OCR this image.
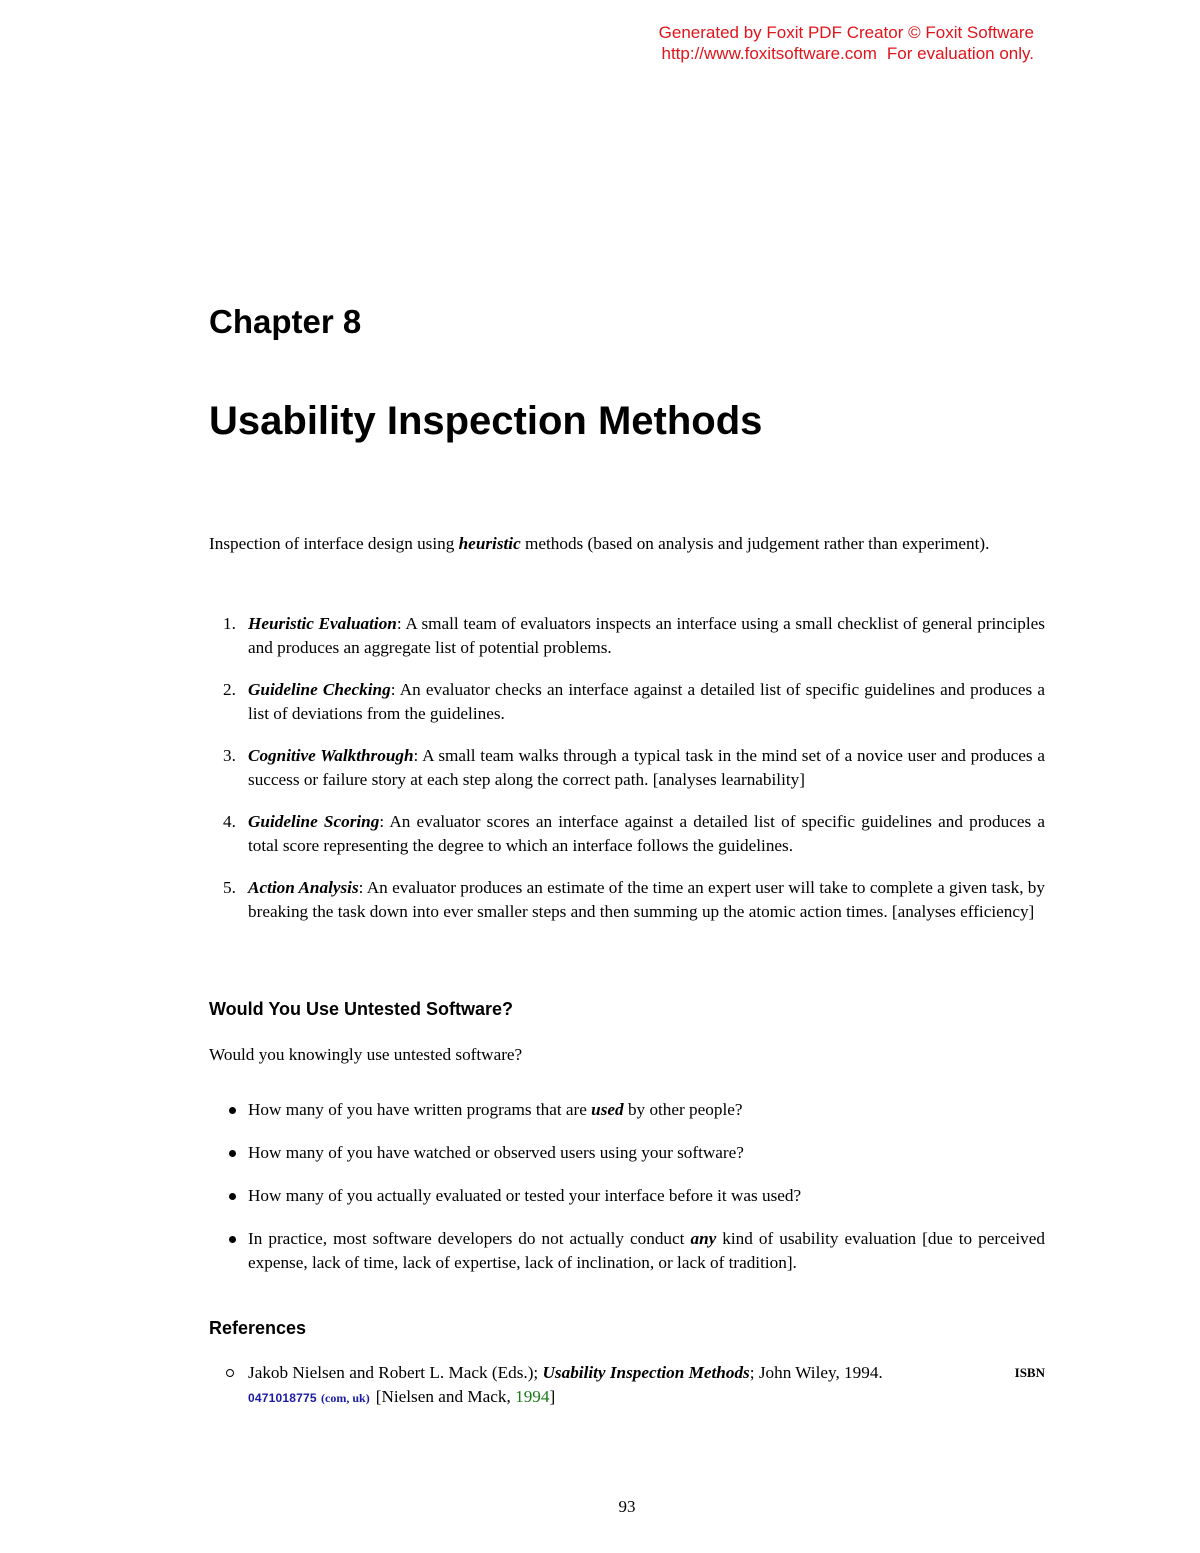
Generated by Foxit PDF Creator © Foxit Software
http://www.foxitsoftware.com For evaluation only.
Chapter 8
Usability Inspection Methods

Inspection of interface design using heuristic methods (based on analysis and judgement rather than experiment).

1. Heuristic Evaluation: A small team of evaluators inspects an interface using a small checklist of general principles and produces an aggregate list of potential problems.
2. Guideline Checking: An evaluator checks an interface against a detailed list of specific guidelines and produces a list of deviations from the guidelines.
3. Cognitive Walkthrough: A small team walks through a typical task in the mind set of a novice user and produces a success or failure story at each step along the correct path. [analyses learnability]
4. Guideline Scoring: An evaluator scores an interface against a detailed list of specific guidelines and produces a total score representing the degree to which an interface follows the guidelines.
5. Action Analysis: An evaluator produces an estimate of the time an expert user will take to complete a given task, by breaking the task down into ever smaller steps and then summing up the atomic action times. [analyses efficiency]
Would You Use Untested Software?

Would you knowingly use untested software?

How many of you have written programs that are used by other people?
How many of you have watched or observed users using your software?
How many of you actually evaluated or tested your interface before it was used?
In practice, most software developers do not actually conduct any kind of usability evaluation [due to perceived expense, lack of time, lack of expertise, lack of inclination, or lack of tradition].
References
Jakob Nielsen and Robert L. Mack (Eds.); Usability Inspection Methods; John Wiley, 1994.	ISBN
0471018775 (com, uk) [Nielsen and Mack, 1994]

93
